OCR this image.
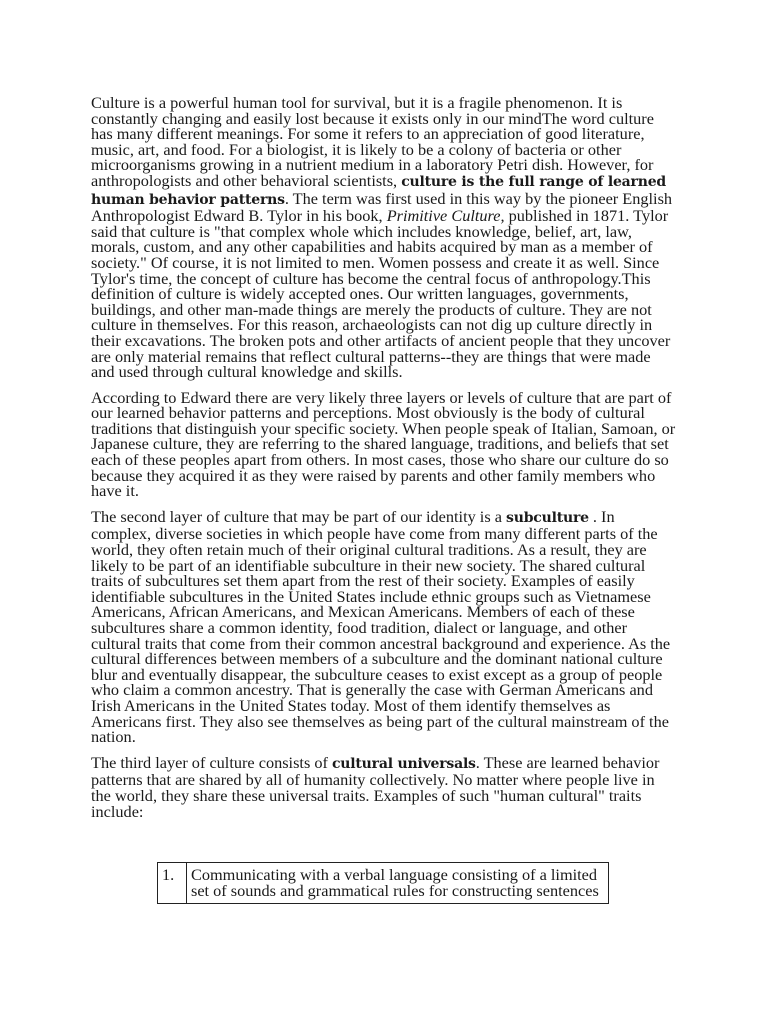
Culture is a powerful human tool for survival, but it is a fragile phenomenon. It is constantly changing and easily lost because it exists only in our mindThe word culture has many different meanings. For some it refers to an appreciation of good literature, music, art, and food. For a biologist, it is likely to be a colony of bacteria or other microorganisms growing in a nutrient medium in a laboratory Petri dish. However, for anthropologists and other behavioral scientists, culture is the full range of learned human behavior patterns. The term was first used in this way by the pioneer English Anthropologist Edward B. Tylor in his book, Primitive Culture, published in 1871. Tylor said that culture is "that complex whole which includes knowledge, belief, art, law, morals, custom, and any other capabilities and habits acquired by man as a member of society." Of course, it is not limited to men. Women possess and create it as well. Since Tylor's time, the concept of culture has become the central focus of anthropology.This definition of culture is widely accepted ones. Our written languages, governments, buildings, and other man-made things are merely the products of culture. They are not culture in themselves. For this reason, archaeologists can not dig up culture directly in their excavations. The broken pots and other artifacts of ancient people that they uncover are only material remains that reflect cultural patterns--they are things that were made and used through cultural knowledge and skills.

According to Edward there are very likely three layers or levels of culture that are part of our learned behavior patterns and perceptions. Most obviously is the body of cultural traditions that distinguish your specific society. When people speak of Italian, Samoan, or Japanese culture, they are referring to the shared language, traditions, and beliefs that set each of these peoples apart from others. In most cases, those who share our culture do so because they acquired it as they were raised by parents and other family members who have it.

The second layer of culture that may be part of our identity is a subculture . In complex, diverse societies in which people have come from many different parts of the world, they often retain much of their original cultural traditions. As a result, they are likely to be part of an identifiable subculture in their new society. The shared cultural traits of subcultures set them apart from the rest of their society. Examples of easily identifiable subcultures in the United States include ethnic groups such as Vietnamese Americans, African Americans, and Mexican Americans. Members of each of these subcultures share a common identity, food tradition, dialect or language, and other cultural traits that come from their common ancestral background and experience. As the cultural differences between members of a subculture and the dominant national culture blur and eventually disappear, the subculture ceases to exist except as a group of people who claim a common ancestry. That is generally the case with German Americans and Irish Americans in the United States today. Most of them identify themselves as Americans first. They also see themselves as being part of the cultural mainstream of the nation.

The third layer of culture consists of cultural universals. These are learned behavior patterns that are shared by all of humanity collectively. No matter where people live in the world, they share these universal traits. Examples of such "human cultural" traits include:

1.	Communicating with a verbal language consisting of a limited set of sounds and grammatical rules for constructing sentences
